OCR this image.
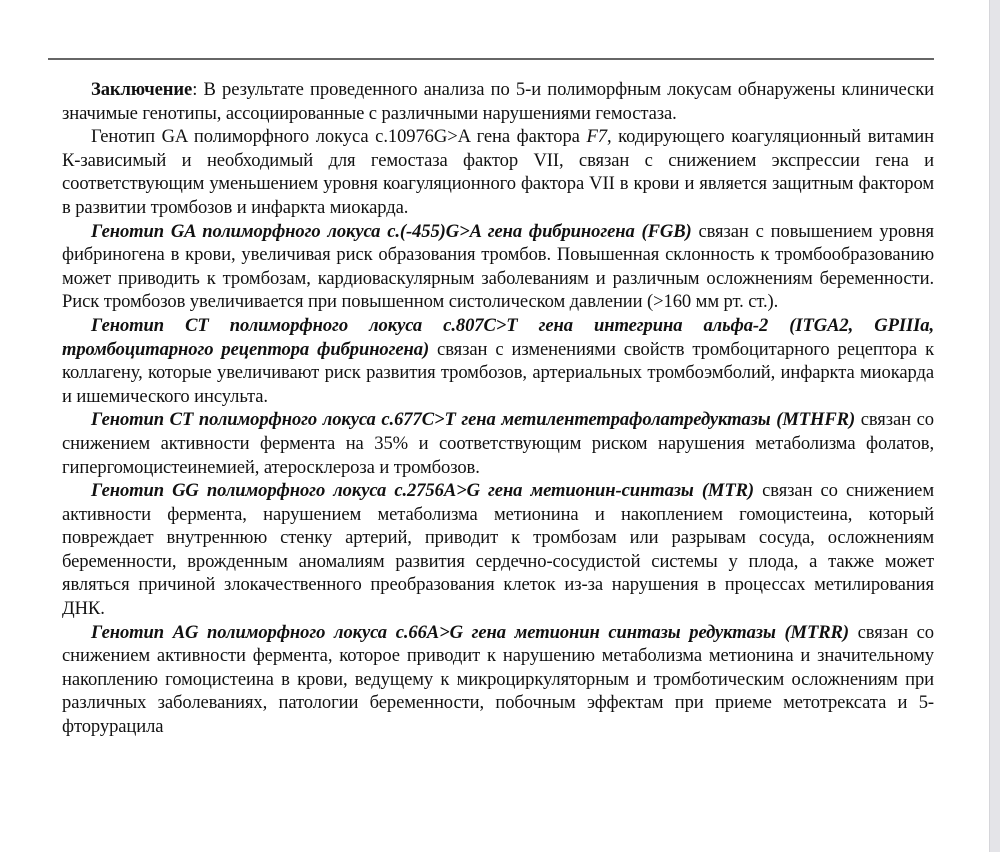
Заключение: В результате проведенного анализа по 5-и полиморфным локусам обнаружены клинически значимые генотипы, ассоциированные с различными нарушениями гемостаза.

Генотип GA полиморфного локуса c.10976G>A гена фактора F7, кодирующего коагуляционный витамин К-зависимый и необходимый для гемостаза фактор VII, связан с снижением экспрессии гена и соответствующим уменьшением уровня коагуляционного фактора VII в крови и является защитным фактором в развитии тромбозов и инфаркта миокарда.

Генотип GA полиморфного локуса c.(-455)G>A гена фибриногена (FGB) связан с повышением уровня фибриногена в крови, увеличивая риск образования тромбов. Повышенная склонность к тромбообразованию может приводить к тромбозам, кардиоваскулярным заболеваниям и различным осложнениям беременности. Риск тромбозов увеличивается при повышенном систолическом давлении (>160 мм рт. ст.).

Генотип CT полиморфного локуса c.807C>T гена интегрина альфа-2 (ITGA2, GPIIIa, тромбоцитарного рецептора фибриногена) связан с изменениями свойств тромбоцитарного рецептора к коллагену, которые увеличивают риск развития тромбозов, артериальных тромбоэмболий, инфаркта миокарда и ишемического инсульта.

Генотип CT полиморфного локуса c.677C>T гена метилентетрафолатредуктазы (MTHFR) связан со снижением активности фермента на 35% и соответствующим риском нарушения метаболизма фолатов, гипергомоцистеинемией, атеросклероза и тромбозов.

Генотип GG полиморфного локуса c.2756A>G гена метионин-синтазы (MTR) связан со снижением активности фермента, нарушением метаболизма метионина и накоплением гомоцистеина, который повреждает внутреннюю стенку артерий, приводит к тромбозам или разрывам сосуда, осложнениям беременности, врожденным аномалиям развития сердечно-сосудистой системы у плода, а также может являться причиной злокачественного преобразования клеток из-за нарушения в процессах метилирования ДНК.

Генотип AG полиморфного локуса c.66A>G гена метионин синтазы редуктазы (MTRR) связан со снижением активности фермента, которое приводит к нарушению метаболизма метионина и значительному накоплению гомоцистеина в крови, ведущему к микроциркуляторным и тромботическим осложнениям при различных заболеваниях, патологии беременности, побочным эффектам при приеме метотрексата и 5-фторурацила
